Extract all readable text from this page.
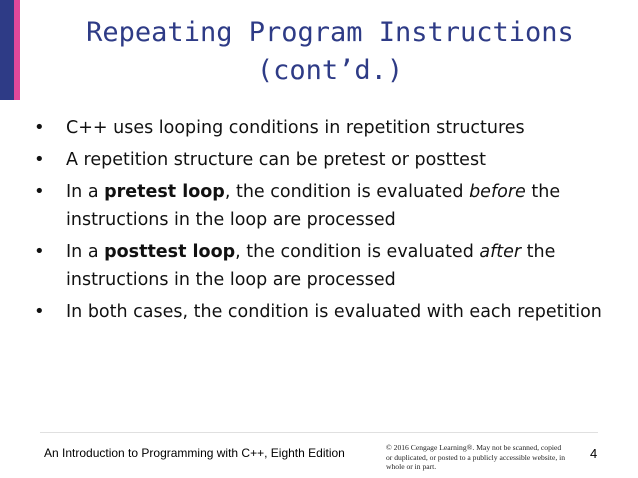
Repeating Program Instructions
(cont’d.)
• C++ uses looping conditions in repetition structures
• A repetition structure can be pretest or posttest
• In a pretest loop, the condition is evaluated before the instructions in the loop are processed
• In a posttest loop, the condition is evaluated after the instructions in the loop are processed
• In both cases, the condition is evaluated with each repetition
An Introduction to Programming with C++, Eighth Edition	© 2016 Cengage Learning®. May not be scanned, copied or duplicated, or posted to a publicly accessible website, in whole or in part.
4
